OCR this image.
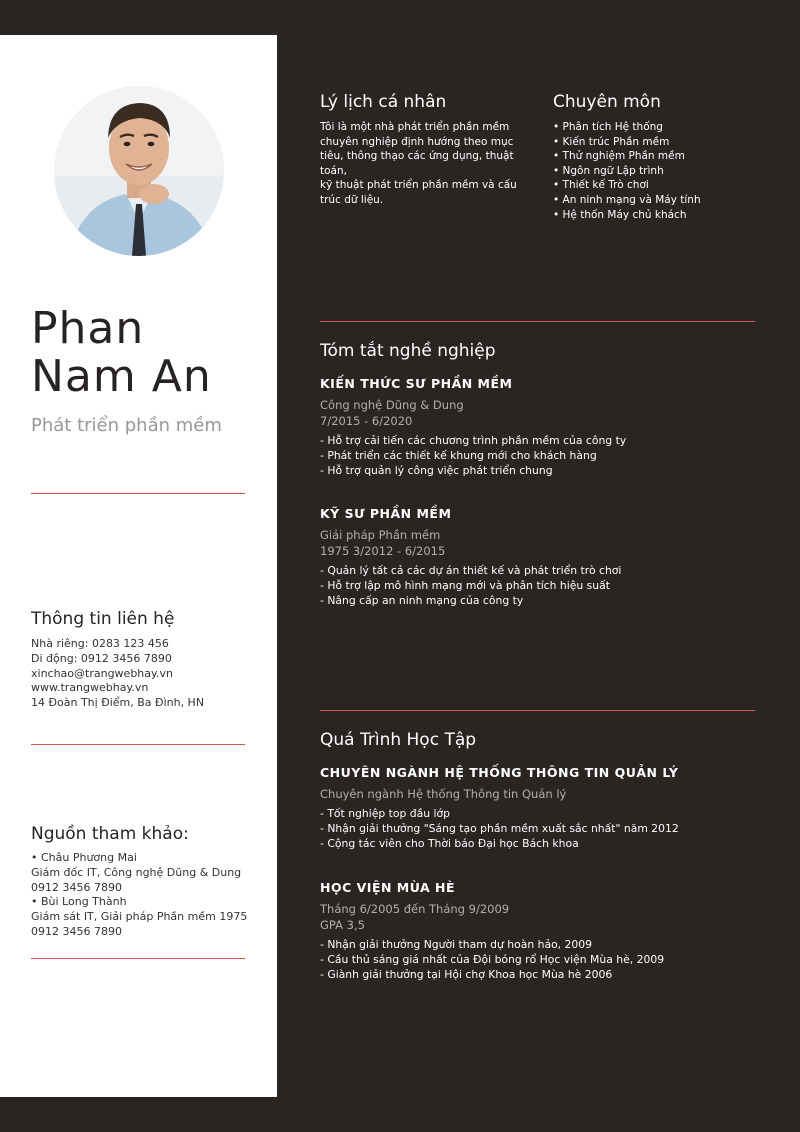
Phan
Nam An
Phát triển phần mềm
Thông tin liên hệ
Nhà riêng: 0283 123 456
Di động: 0912 3456 7890
xinchao@trangwebhay.vn
www.trangwebhay.vn
14 Đoàn Thị Điểm, Ba Đình, HN
Nguồn tham khảo:
• Châu Phương Mai
Giám đốc IT, Công nghệ Dũng & Dung
0912 3456 7890
• Bùi Long Thành
Giám sát IT, Giải pháp Phần mềm 1975
0912 3456 7890
Lý lịch cá nhân
Tôi là một nhà phát triển phần mềm
chuyên nghiệp định hướng theo mục
tiêu, thông thạo các ứng dụng, thuật
toán,
kỹ thuật phát triển phần mềm và cấu
trúc dữ liệu.
Chuyên môn
• Phân tích Hệ thống
• Kiến trúc Phần mềm
• Thử nghiệm Phần mềm
• Ngôn ngữ Lập trình
• Thiết kế Trò chơi
• An ninh mạng và Máy tính
• Hệ thốn Máy chủ khách
Tóm tắt nghề nghiệp
KIẾN THỨC SƯ PHẦN MỀM
Công nghệ Dũng & Dung
7/2015 - 6/2020
- Hỗ trợ cải tiến các chương trình phần mềm của công ty
- Phát triển các thiết kế khung mới cho khách hàng
- Hỗ trợ quản lý công việc phát triển chung
KỸ SƯ PHẦN MỀM
Giải pháp Phần mềm
1975 3/2012 - 6/2015
- Quản lý tất cả các dự án thiết kế và phát triển trò chơi
- Hỗ trợ lập mô hình mạng mới và phân tích hiệu suất
- Nâng cấp an ninh mạng của công ty
Quá Trình Học Tập
CHUYÊN NGÀNH HỆ THỐNG THÔNG TIN QUẢN LÝ
Chuyên ngành Hệ thống Thông tin Quản lý
- Tốt nghiệp top đầu lớp
- Nhận giải thưởng "Sáng tạo phần mềm xuất sắc nhất" năm 2012
- Cộng tác viên cho Thời báo Đại học Bách khoa
HỌC VIỆN MÙA HÈ
Tháng 6/2005 đến Tháng 9/2009
GPA 3,5
- Nhận giải thưởng Người tham dự hoàn hảo, 2009
- Cầu thủ sáng giá nhất của Đội bóng rổ Học viện Mùa hè, 2009
- Giành giải thưởng tại Hội chợ Khoa học Mùa hè 2006
